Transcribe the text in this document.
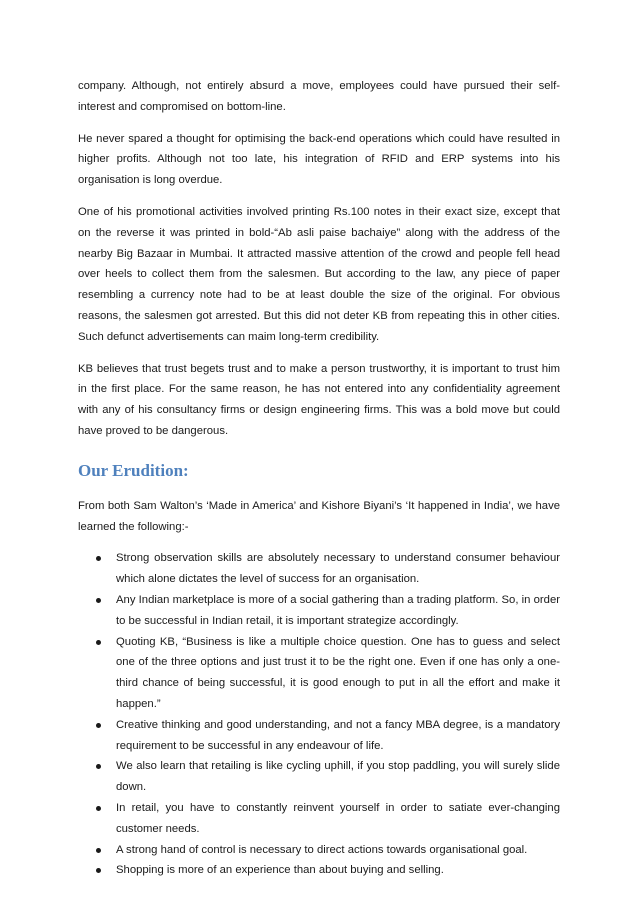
company. Although, not entirely absurd a move, employees could have pursued their self-interest and compromised on bottom-line.

He never spared a thought for optimising the back-end operations which could have resulted in higher profits. Although not too late, his integration of RFID and ERP systems into his organisation is long overdue.

One of his promotional activities involved printing Rs.100 notes in their exact size, except that on the reverse it was printed in bold-“Ab asli paise bachaiye” along with the address of the nearby Big Bazaar in Mumbai. It attracted massive attention of the crowd and people fell head over heels to collect them from the salesmen. But according to the law, any piece of paper resembling a currency note had to be at least double the size of the original. For obvious reasons, the salesmen got arrested. But this did not deter KB from repeating this in other cities. Such defunct advertisements can maim long-term credibility.

KB believes that trust begets trust and to make a person trustworthy, it is important to trust him in the first place. For the same reason, he has not entered into any confidentiality agreement with any of his consultancy firms or design engineering firms. This was a bold move but could have proved to be dangerous.

Our Erudition:

From both Sam Walton’s ‘Made in America’ and Kishore Biyani’s ‘It happened in India’, we have learned the following:-

Strong observation skills are absolutely necessary to understand consumer behaviour which alone dictates the level of success for an organisation.
Any Indian marketplace is more of a social gathering than a trading platform. So, in order to be successful in Indian retail, it is important strategize accordingly.
Quoting KB, “Business is like a multiple choice question. One has to guess and select one of the three options and just trust it to be the right one. Even if one has only a one-third chance of being successful, it is good enough to put in all the effort and make it happen.”
Creative thinking and good understanding, and not a fancy MBA degree, is a mandatory requirement to be successful in any endeavour of life.
We also learn that retailing is like cycling uphill, if you stop paddling, you will surely slide down.
In retail, you have to constantly reinvent yourself in order to satiate ever-changing customer needs.
A strong hand of control is necessary to direct actions towards organisational goal.
Shopping is more of an experience than about buying and selling.
